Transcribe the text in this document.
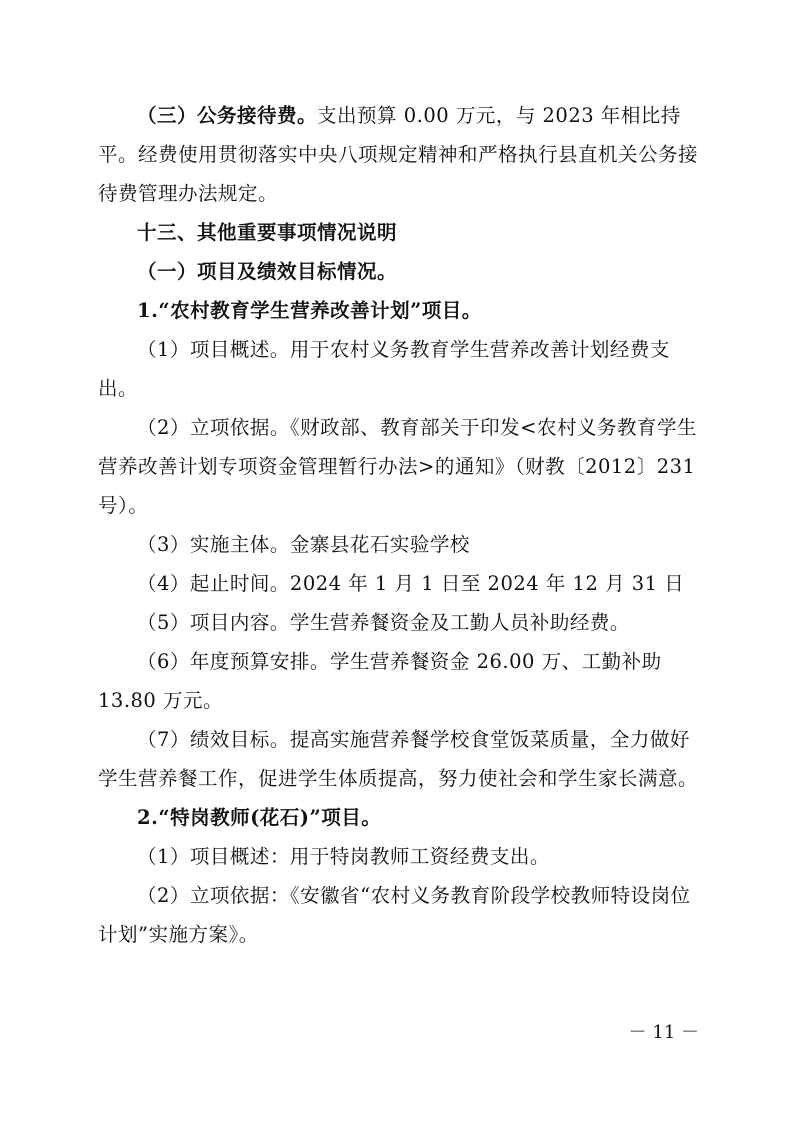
（三）公务接待费。支出预算 0.00 万元，与 2023 年相比持平。经费使用贯彻落实中央八项规定精神和严格执行县直机关公务接待费管理办法规定。

十三、其他重要事项情况说明

（一）项目及绩效目标情况。

1.“农村教育学生营养改善计划”项目。

（1）项目概述。用于农村义务教育学生营养改善计划经费支出。

（2）立项依据。《财政部、教育部关于印发<农村义务教育学生营养改善计划专项资金管理暂行办法>的通知》（财教〔2012〕231 号）。

（3）实施主体。金寨县花石实验学校

（4）起止时间。2024 年 1 月 1 日至 2024 年 12 月 31 日

（5）项目内容。学生营养餐资金及工勤人员补助经费。

（6）年度预算安排。学生营养餐资金 26.00 万、工勤补助 13.80 万元。

（7）绩效目标。提高实施营养餐学校食堂饭菜质量，全力做好学生营养餐工作，促进学生体质提高，努力使社会和学生家长满意。

2.“特岗教师(花石)”项目。

（1）项目概述：用于特岗教师工资经费支出。

（2）立项依据：《安徽省“农村义务教育阶段学校教师特设岗位计划”实施方案》。

－ 11 －
